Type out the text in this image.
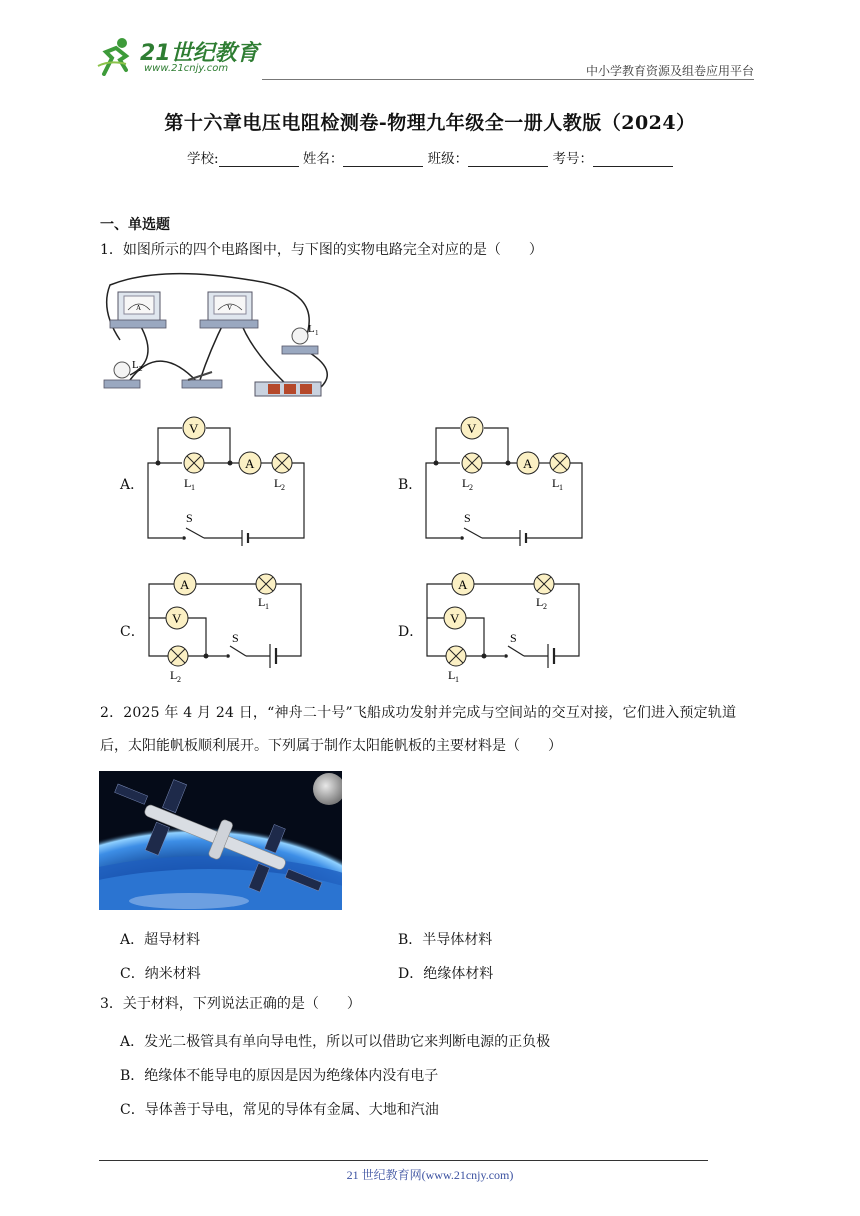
21世纪教育
www.21cnjy.com	中小学教育资源及组卷应用平台
第十六章电压电阻检测卷-物理九年级全一册人教版（2024）
学校:	姓名：	班级：	考号：
一、单选题
1．如图所示的四个电路图中，与下图的实物电路完全对应的是（　　）
A	V
L 1
L 2
A．
V
A
S
L 1	L 2	B．
V
A
S
L 2	L 1
C．
A
V
S
L 1
L 2
D．
A
V
S
L 2
L 1
2．2025 年 4 月 24 日，“神舟二十号”飞船成功发射并完成与空间站的交互对接，它们进入预定轨道
后，太阳能帆板顺利展开。下列属于制作太阳能帆板的主要材料是（　　）
A．超导材料	B．半导体材料
C．纳米材料	D．绝缘体材料
3．关于材料，下列说法正确的是（　　）
A．发光二极管具有单向导电性，所以可以借助它来判断电源的正负极
B．绝缘体不能导电的原因是因为绝缘体内没有电子
C．导体善于导电，常见的导体有金属、大地和汽油
21 世纪教育网(www.21cnjy.com)
